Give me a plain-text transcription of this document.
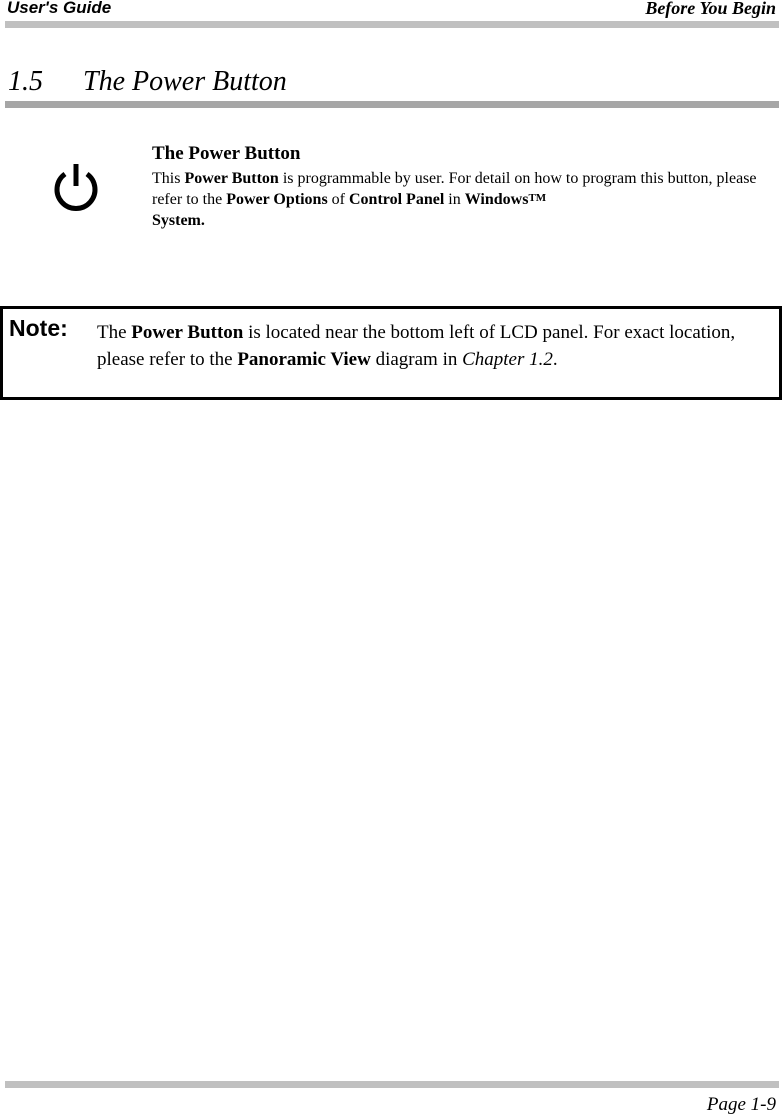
User's Guide	Before You Begin
1.5 The Power Button
The Power Button
This Power Button is programmable by user. For detail on how to program this button, please refer to the Power Options of Control Panel in Windows™
System.
Note: The Power Button is located near the bottom left of LCD panel. For exact location, please refer to the Panoramic View diagram in Chapter 1.2.
Page 1-9
